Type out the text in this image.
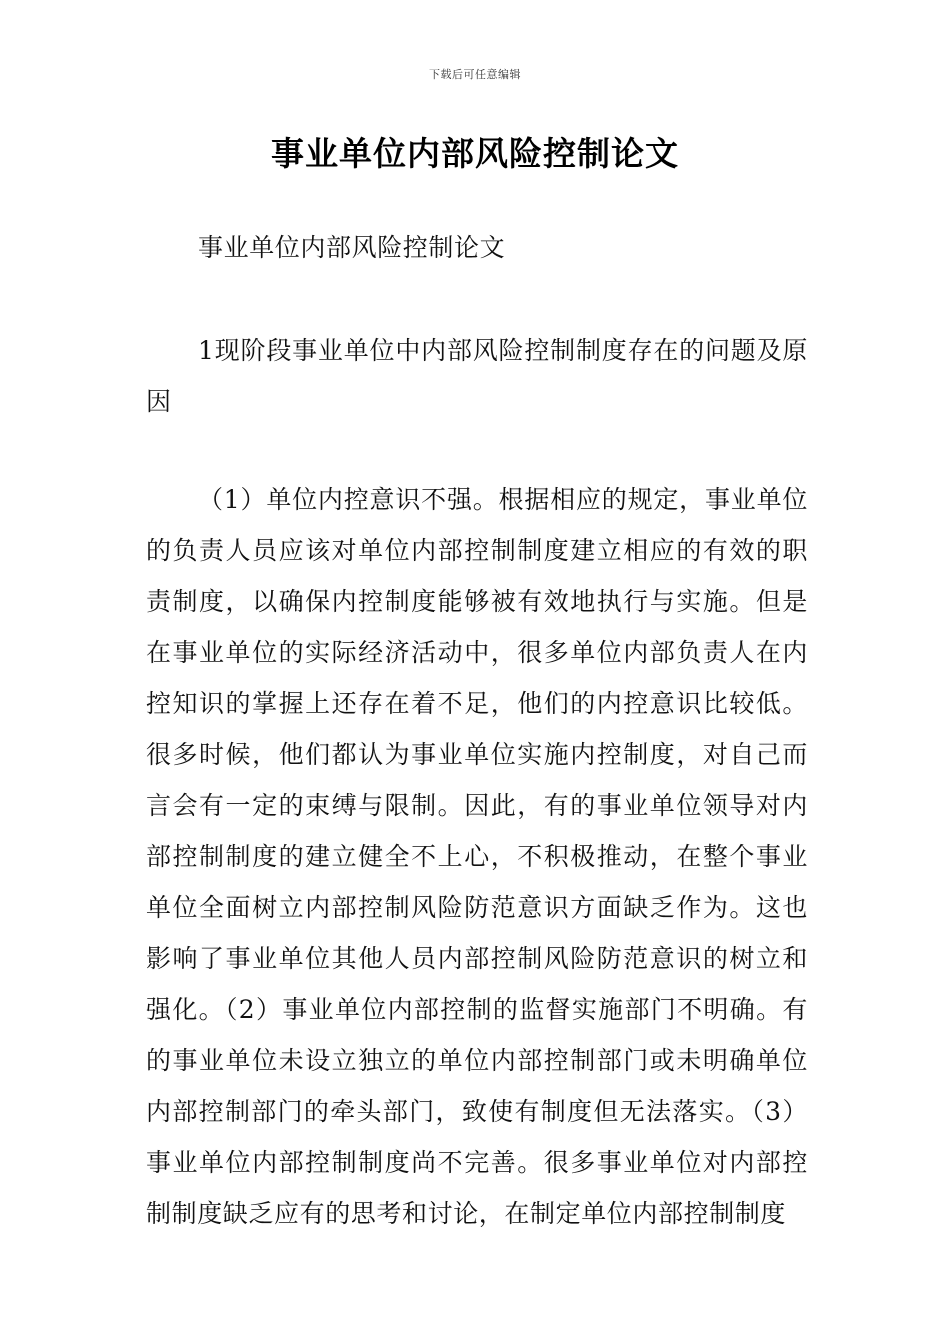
下载后可任意编辑
事业单位内部风险控制论文

事业单位内部风险控制论文

1现阶段事业单位中内部风险控制制度存在的问题及原因

（1）单位内控意识不强。根据相应的规定，事业单位的负责人员应该对单位内部控制制度建立相应的有效的职责制度，以确保内控制度能够被有效地执行与实施。但是在事业单位的实际经济活动中，很多单位内部负责人在内控知识的掌握上还存在着不足，他们的内控意识比较低。很多时候，他们都认为事业单位实施内控制度，对自己而言会有一定的束缚与限制。因此，有的事业单位领导对内部控制制度的建立健全不上心，不积极推动，在整个事业单位全面树立内部控制风险防范意识方面缺乏作为。这也影响了事业单位其他人员内部控制风险防范意识的树立和强化。（2）事业单位内部控制的监督实施部门不明确。有的事业单位未设立独立的单位内部控制部门或未明确单位内部控制部门的牵头部门，致使有制度但无法落实。（3）事业单位内部控制制度尚不完善。很多事业单位对内部控制制度缺乏应有的思考和讨论，在制定单位内部控制制度
